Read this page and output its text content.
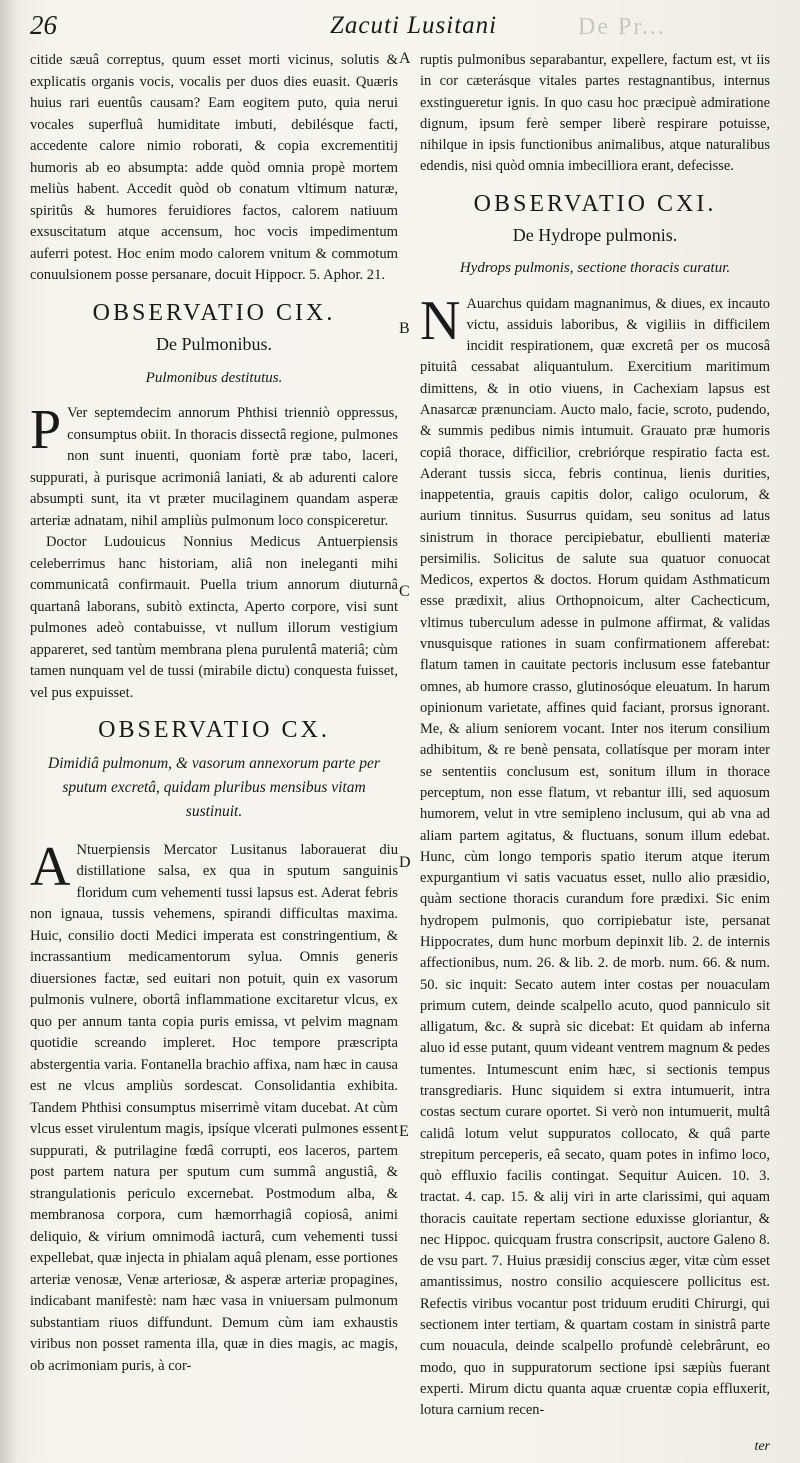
26	Zacuti Lusitani	De Pr...

citide sæuâ correptus, quum esset morti vicinus, solutis & explicatis organis vocis, vocalis per duos dies euasit. Quæris huius rari euentûs causam? Eam eogitem puto, quia nerui vocales superfluâ humiditate imbuti, debilésque facti, accedente calore nimio roborati, & copia excrementitij humoris ab eo absumpta: adde quòd omnia propè mortem meliùs habent. Accedit quòd ob conatum vltimum naturæ, spiritûs & humores feruidiores factos, calorem natiuum exsuscitatum atque accensum, hoc vocis impedimentum auferri potest. Hoc enim modo calorem vnitum & commotum conuulsionem posse persanare, docuit Hippocr. 5. Aphor. 21.

OBSERVATIO CIX.
De Pulmonibus.
Pulmonibus destitutus.

P Ver septemdecim annorum Phthisi trienniò oppressus, consumptus obiit. In thoracis dissectâ regione, pulmones non sunt inuenti, quoniam fortè præ tabo, laceri, suppurati, à purisque acrimoniâ laniati, & ab adurenti calore absumpti sunt, ita vt præter mucilaginem quandam asperæ arteriæ adnatam, nihil ampliùs pulmonum loco conspiceretur.

Doctor Ludouicus Nonnius Medicus Antuerpiensis celeberrimus hanc historiam, aliâ non ineleganti mihi communicatâ confirmauit. Puella trium annorum diuturnâ quartanâ laborans, subitò extincta, Aperto corpore, visi sunt pulmones adeò contabuisse, vt nullum illorum vestigium appareret, sed tantùm membrana plena purulentâ materiâ; cùm tamen nunquam vel de tussi (mirabile dictu) conquesta fuisset, vel pus expuisset.

OBSERVATIO CX.
Dimidiâ pulmonum, & vasorum annexorum parte per sputum excretâ, quidam pluribus mensibus vitam sustinuit.

A Ntuerpiensis Mercator Lusitanus laborauerat diu distillatione salsa, ex qua in sputum sanguinis floridum cum vehementi tussi lapsus est. Aderat febris non ignaua, tussis vehemens, spirandi difficultas maxima. Huic, consilio docti Medici imperata est constringentium, & incrassantium medicamentorum sylua. Omnis generis diuersiones factæ, sed euitari non potuit, quin ex vasorum pulmonis vulnere, obortâ inflammatione excitaretur vlcus, ex quo per annum tanta copia puris emissa, vt pelvim magnam quotidie screando impleret. Hoc tempore præscripta abstergentia varia. Fontanella brachio affixa, nam hæc in causa est ne vlcus ampliùs sordescat. Consolidantia exhibita. Tandem Phthisi consumptus miserrimè vitam ducebat. At cùm vlcus esset virulentum magis, ipsíque vlcerati pulmones essent suppurati, & putrilagine fœdâ corrupti, eos laceros, partem post partem natura per sputum cum summâ angustiâ, & strangulationis periculo excernebat. Postmodum alba, & membranosa corpora, cum hæmorrhagiâ copiosâ, animi deliquio, & virium omnimodâ iacturâ, cum vehementi tussi expellebat, quæ injecta in phialam aquâ plenam, esse portiones arteriæ venosæ, Venæ arteriosæ, & asperæ arteriæ propagines, indicabant manifestè: nam hæc vasa in vniuersam pulmonum substantiam riuos diffundunt. Demum cùm iam exhaustis viribus non posset ramenta illa, quæ in dies magis, ac magis, ob acrimoniam puris, à cor-

A
B
C
D
E

ruptis pulmonibus separabantur, expellere, factum est, vt iis in cor cæterásque vitales partes restagnantibus, internus exstingueretur ignis. In quo casu hoc præcipuè admiratione dignum, ipsum ferè semper liberè respirare potuisse, nihilque in ipsis functionibus animalibus, atque naturalibus edendis, nisi quòd omnia imbecilliora erant, defecisse.

OBSERVATIO CXI.
De Hydrope pulmonis.
Hydrops pulmonis, sectione thoracis curatur.

N Auarchus quidam magnanimus, & diues, ex incauto victu, assiduis laboribus, & vigiliis in difficilem incidit respirationem, quæ excretâ per os mucosâ pituitâ cessabat aliquantulum. Exercitium maritimum dimittens, & in otio viuens, in Cachexiam lapsus est Anasarcæ prænunciam. Aucto malo, facie, scroto, pudendo, & summis pedibus nimis intumuit. Grauato præ humoris copiâ thorace, difficilior, crebriórque respiratio facta est. Aderant tussis sicca, febris continua, lienis durities, inappetentia, grauis capitis dolor, caligo oculorum, & aurium tinnitus. Susurrus quidam, seu sonitus ad latus sinistrum in thorace percipiebatur, ebullienti materiæ persimilis. Solicitus de salute sua quatuor conuocat Medicos, expertos & doctos. Horum quidam Asthmaticum esse prædixit, alius Orthopnoicum, alter Cachecticum, vltimus tuberculum adesse in pulmone affirmat, & validas vnusquisque rationes in suam confirmationem afferebat: flatum tamen in cauitate pectoris inclusum esse fatebantur omnes, ab humore crasso, glutinosóque eleuatum. In harum opinionum varietate, affines quid faciant, prorsus ignorant. Me, & alium seniorem vocant. Inter nos iterum consilium adhibitum, & re benè pensata, collatísque per moram inter se sententiis conclusum est, sonitum illum in thorace perceptum, non esse flatum, vt rebantur illi, sed aquosum humorem, velut in vtre semipleno inclusum, qui ab vna ad aliam partem agitatus, & fluctuans, sonum illum edebat. Hunc, cùm longo temporis spatio iterum atque iterum expurgantium vi satis vacuatus esset, nullo alio præsidio, quàm sectione thoracis curandum fore prædixi. Sic enim hydropem pulmonis, quo corripiebatur iste, persanat Hippocrates, dum hunc morbum depinxit lib. 2. de internis affectionibus, num. 26. & lib. 2. de morb. num. 66. & num. 50. sic inquit: Secato autem inter costas per nouaculam primum cutem, deinde scalpello acuto, quod panniculo sit alligatum, &c. & suprà sic dicebat: Et quidam ab inferna aluo id esse putant, quum videant ventrem magnum & pedes tumentes. Intumescunt enim hæc, si sectionis tempus transgrediaris. Hunc siquidem si extra intumuerit, intra costas sectum curare oportet. Si verò non intumuerit, multâ calidâ lotum velut suppuratos collocato, & quâ parte strepitum perceperis, eâ secato, quam potes in infimo loco, quò effluxio facilis contingat. Sequitur Auicen. 10. 3. tractat. 4. cap. 15. & alij viri in arte clarissimi, qui aquam thoracis cauitate repertam sectione eduxisse gloriantur, & nec Hippoc. quicquam frustra conscripsit, auctore Galeno 8. de vsu part. 7. Huius præsidij conscius æger, vitæ cùm esset amantissimus, nostro consilio acquiescere pollicitus est. Refectis viribus vocantur post triduum eruditi Chirurgi, qui sectionem inter tertiam, & quartam costam in sinistrâ parte cum nouacula, deinde scalpello profundè celebrârunt, eo modo, quo in suppuratorum sectione ipsi sæpiùs fuerant experti. Mirum dictu quanta aquæ cruentæ copia effluxerit, lotura carnium recen-

ter
